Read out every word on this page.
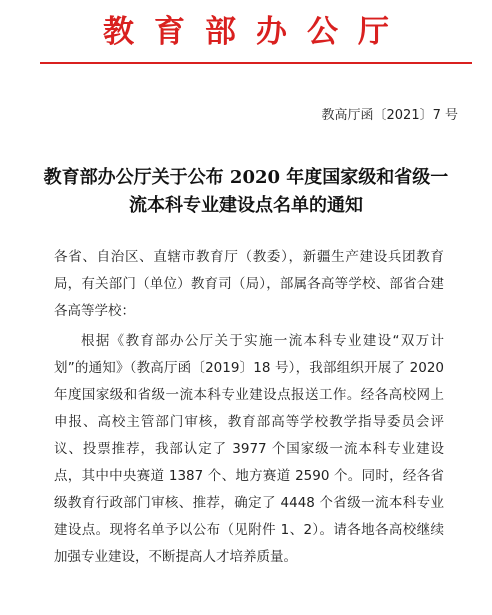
教育部办公厅
教高厅函〔2021〕7 号
教育部办公厅关于公布 2020 年度国家级和省级一流本科专业建设点名单的通知
各省、自治区、直辖市教育厅（教委），新疆生产建设兵团教育局，有关部门（单位）教育司（局），部属各高等学校、部省合建各高等学校：
根据《教育部办公厅关于实施一流本科专业建设“双万计划”的通知》（教高厅函〔2019〕18 号），我部组织开展了 2020 年度国家级和省级一流本科专业建设点报送工作。经各高校网上申报、高校主管部门审核，教育部高等学校教学指导委员会评议、投票推荐，我部认定了 3977 个国家级一流本科专业建设点，其中中央赛道 1387 个、地方赛道 2590 个。同时，经各省级教育行政部门审核、推荐，确定了 4448 个省级一流本科专业建设点。现将名单予以公布（见附件 1、2）。请各地各高校继续加强专业建设，不断提高人才培养质量。
